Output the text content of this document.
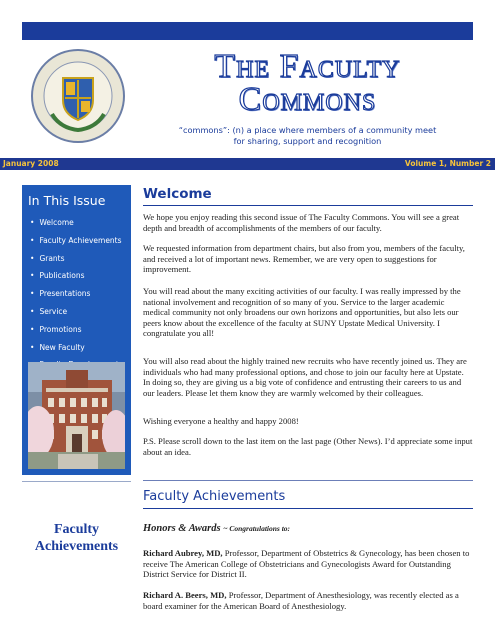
The Faculty
Commons
“commons”: (n) a place where members of a community meet
for sharing, support and recognition
January 2008	Volume 1, Number 2
In This Issue
• Welcome
• Faculty Achievements
• Grants
• Publications
• Presentations
• Service
• Promotions
• New Faculty
•
•
Faculty
Achievements
Welcome
We hope you enjoy reading this second issue of The Faculty Commons. You will see a great depth and breadth of accomplishments of the members of our faculty.
We requested information from department chairs, but also from you, members of the faculty, and received a lot of important news. Remember, we are very open to suggestions for improvement.
You will read about the many exciting activities of our faculty. I was really impressed by the national involvement and recognition of so many of you. Service to the larger academic medical community not only broadens our own horizons and opportunities, but also lets our peers know about the excellence of the faculty at SUNY Upstate Medical University. I congratulate you all!
You will also read about the highly trained new recruits who have recently joined us. They are individuals who had many professional options, and chose to join our faculty here at Upstate. In doing so, they are giving us a big vote of confidence and entrusting their careers to us and our leaders. Please let them know they are warmly welcomed by their colleagues.
Wishing everyone a healthy and happy 2008!
P.S. Please scroll down to the last item on the last page (Other News). I’d appreciate some input about an idea.
Faculty Achievements
Honors & Awards ~ Congratulations to:
Richard Aubrey, MD, Professor, Department of Obstetrics & Gynecology, has been chosen to receive The American College of Obstetricians and Gynecologists Award for Outstanding District Service for District II.
Richard A. Beers, MD, Professor, Department of Anesthesiology, was recently elected as a board examiner for the American Board of Anesthesiology.
